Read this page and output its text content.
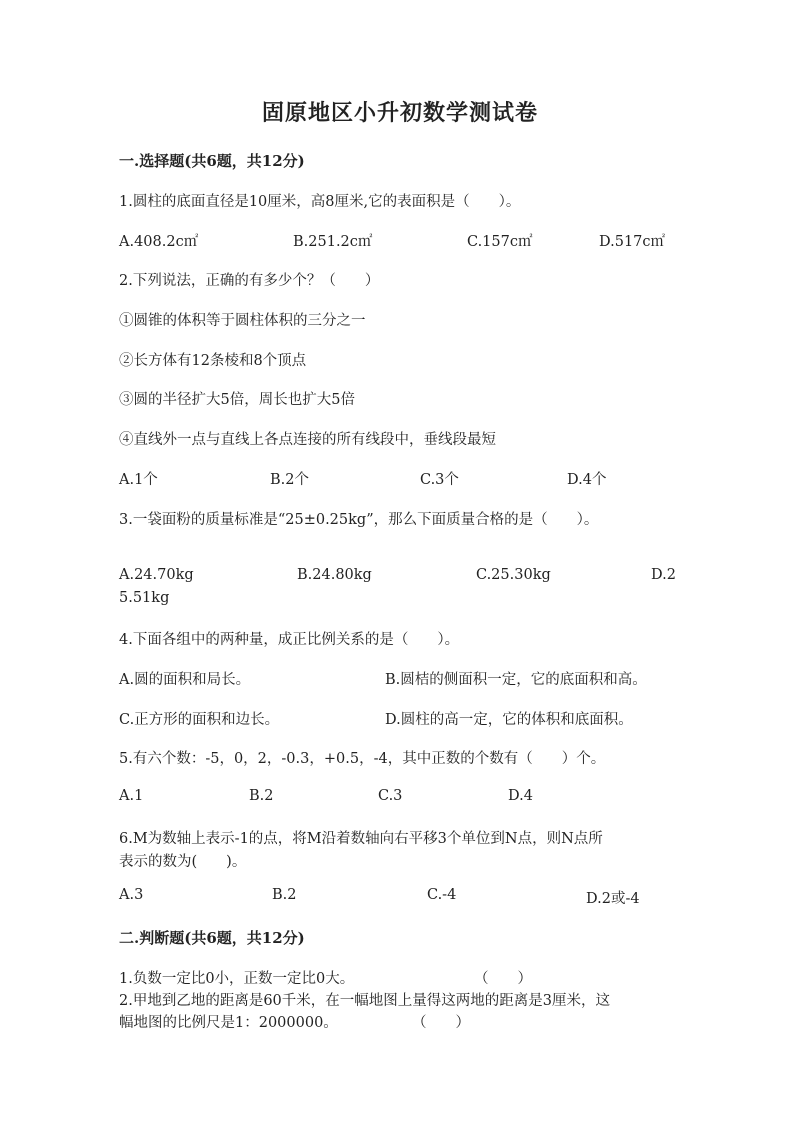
固原地区小升初数学测试卷
一.选择题(共6题，共12分)
1.圆柱的底面直径是10厘米，高8厘米,它的表面积是（　　）。
A.408.2c㎡	B.251.2c㎡	C.157c㎡	D.517c㎡
2.下列说法，正确的有多少个？（　　）
①圆锥的体积等于圆柱体积的三分之一
②长方体有12条棱和8个顶点
③圆的半径扩大5倍，周长也扩大5倍
④直线外一点与直线上各点连接的所有线段中，垂线段最短
A.1个	B.2个	C.3个	D.4个
3.一袋面粉的质量标准是“25±0.25kg”，那么下面质量合格的是（　　）。
A.24.70kg	B.24.80kg	C.25.30kg	D.2
5.51kg
4.下面各组中的两种量，成正比例关系的是（　　）。
A.圆的面积和局长。	B.圆桔的侧面积一定，它的底面积和高。
C.正方形的面积和边长。	D.圆柱的高一定，它的体积和底面积。
5.有六个数：-5，0，2，-0.3，+0.5，-4，其中正数的个数有（　　）个。
A.1	B.2	C.3	D.4
6.M为数轴上表示-1的点，将M沿着数轴向右平移3个单位到N点，则N点所
表示的数为(　　)。
A.3	B.2	C.-4	D.2或-4
二.判断题(共6题，共12分)
1.负数一定比0小，正数一定比0大。	（　　）
2.甲地到乙地的距离是60千米，在一幅地图上量得这两地的距离是3厘米，这
幅地图的比例尺是1：2000000。	（　　）
